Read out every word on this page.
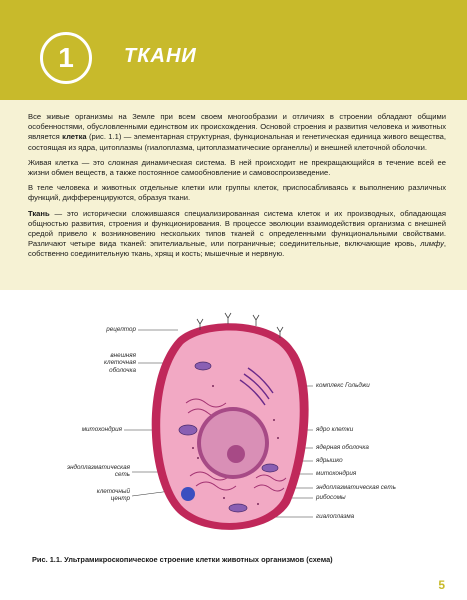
1	ТКАНИ

Все живые организмы на Земле при всем своем многообразии и отличиях в строении обладают общими особенностями, обусловленными единством их происхождения. Основой строения и развития человека и животных является клетка (рис. 1.1) — элементарная структурная, функциональная и генетическая единица живого вещества, состоящая из ядра, цитоплазмы (гиалоплазма, цитоплазматические органеллы) и внешней клеточной оболочки.

Живая клетка — это сложная динамическая система. В ней происходит не прекращающийся в течение всей ее жизни обмен веществ, а также постоянное самообновление и самовоспроизведение.

В теле человека и животных отдельные клетки или группы клеток, приспосабливаясь к выполнению различных функций, дифференцируются, образуя ткани.

Ткань — это исторически сложившаяся специализированная система клеток и их производных, обладающая общностью развития, строения и функционирования. В процессе эволюции взаимодействия организма с внешней средой привело к возникновению нескольких типов тканей с определенными функциональными свойствами. Различают четыре вида тканей: эпителиальные, или пограничные; соединительные, включающие кровь, лимфу, собственно соединительную ткань, хрящ и кость; мышечные и нервную.

рецептор
внешняя
клеточная
оболочка
митохондрия
эндоплазматическая
сеть
клеточный
центр
комплекс Гольджи
ядро клетки
ядерная оболочка
ядрышко
митохондрия
эндоплазматическая сеть
рибосомы
гиалоплазма
Рис. 1.1. Ультрамикроскопическое строение клетки животных организмов (схема)
5
